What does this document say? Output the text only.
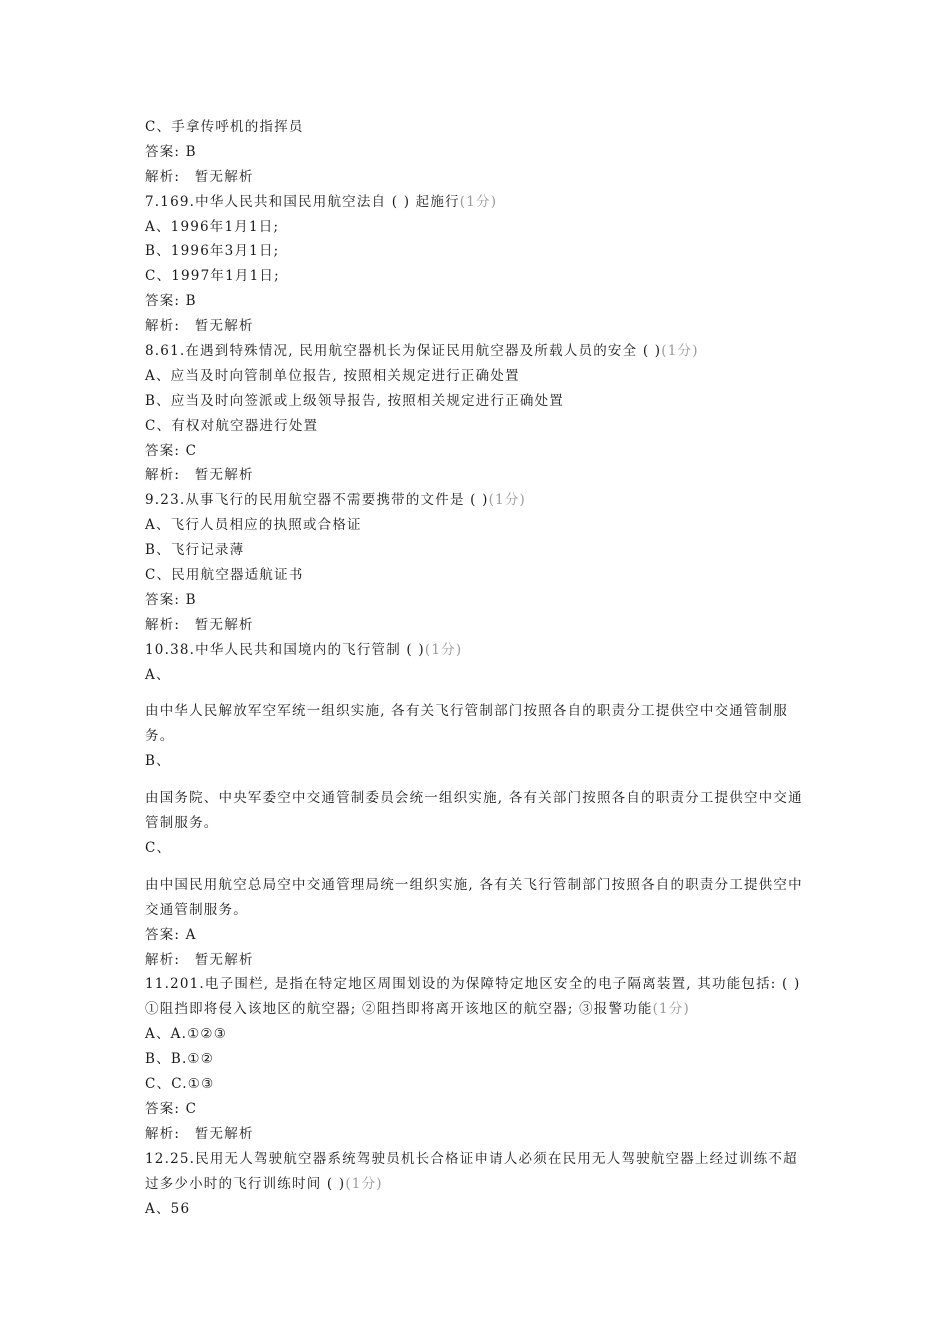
C、手拿传呼机的指挥员
答案: B
解析:　暂无解析
7.169.中华人民共和国民用航空法自 ( ) 起施行(1分)
A、1996年1月1日;
B、1996年3月1日;
C、1997年1月1日;
答案: B
解析:　暂无解析
8.61.在遇到特殊情况, 民用航空器机长为保证民用航空器及所载人员的安全 ( )(1分)
A、应当及时向管制单位报告, 按照相关规定进行正确处置
B、应当及时向签派或上级领导报告, 按照相关规定进行正确处置
C、有权对航空器进行处置
答案: C
解析:　暂无解析
9.23.从事飞行的民用航空器不需要携带的文件是 ( )(1分)
A、飞行人员相应的执照或合格证
B、飞行记录薄
C、民用航空器适航证书
答案: B
解析:　暂无解析
10.38.中华人民共和国境内的飞行管制 ( )(1分)
A、
由中华人民解放军空军统一组织实施, 各有关飞行管制部门按照各自的职责分工提供空中交通管制服务。
B、
由国务院、中央军委空中交通管制委员会统一组织实施, 各有关部门按照各自的职责分工提供空中交通管制服务。
C、
由中国民用航空总局空中交通管理局统一组织实施, 各有关飞行管制部门按照各自的职责分工提供空中交通管制服务。
答案: A
解析:　暂无解析
11.201.电子围栏, 是指在特定地区周围划设的为保障特定地区安全的电子隔离装置, 其功能包括: ( ) ①阻挡即将侵入该地区的航空器; ②阻挡即将离开该地区的航空器; ③报警功能(1分)
A、A.①②③
B、B.①②
C、C.①③
答案: C
解析:　暂无解析
12.25.民用无人驾驶航空器系统驾驶员机长合格证申请人必须在民用无人驾驶航空器上经过训练不超过多少小时的飞行训练时间 ( )(1分)
A、56
